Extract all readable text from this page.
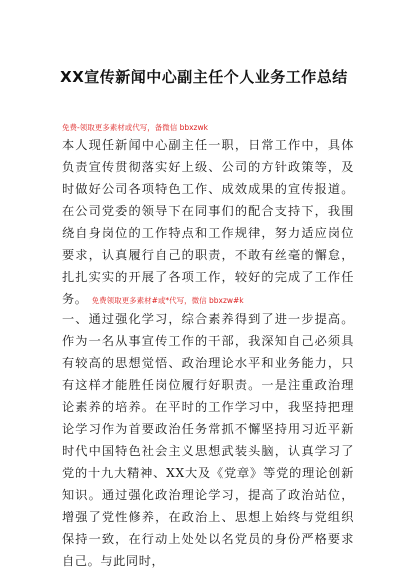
XX宣传新闻中心副主任个人业务工作总结
免费-领取更多素材或代写，备微信 bbxzwk

本人现任新闻中心副主任一职，日常工作中，具体负责宣传贯彻落实好上级、公司的方针政策等，及时做好公司各项特色工作、成效成果的宣传报道。在公司党委的领导下在同事们的配合支持下，我围绕自身岗位的工作特点和工作规律，努力适应岗位要求，认真履行自己的职责，不敢有丝毫的懈怠，扎扎实实的开展了各项工作，较好的完成了工作任务。 免费领取更多素材#或*代写，微信 bbxzw#k

一、通过强化学习，综合素养得到了进一步提高。作为一名从事宣传工作的干部，我深知自己必须具有较高的思想觉悟、政治理论水平和业务能力，只有这样才能胜任岗位履行好职责。一是注重政治理论素养的培养。在平时的工作学习中，我坚持把理论学习作为首要政治任务常抓不懈坚持用习近平新时代中国特色社会主义思想武装头脑，认真学习了党的十九大精神、XX大及《党章》等党的理论创新知识。通过强化政治理论学习，提高了政治站位，增强了党性修养，在政治上、思想上始终与党组织保持一致，在行动上处处以名党员的身份严格要求自己。与此同时，
